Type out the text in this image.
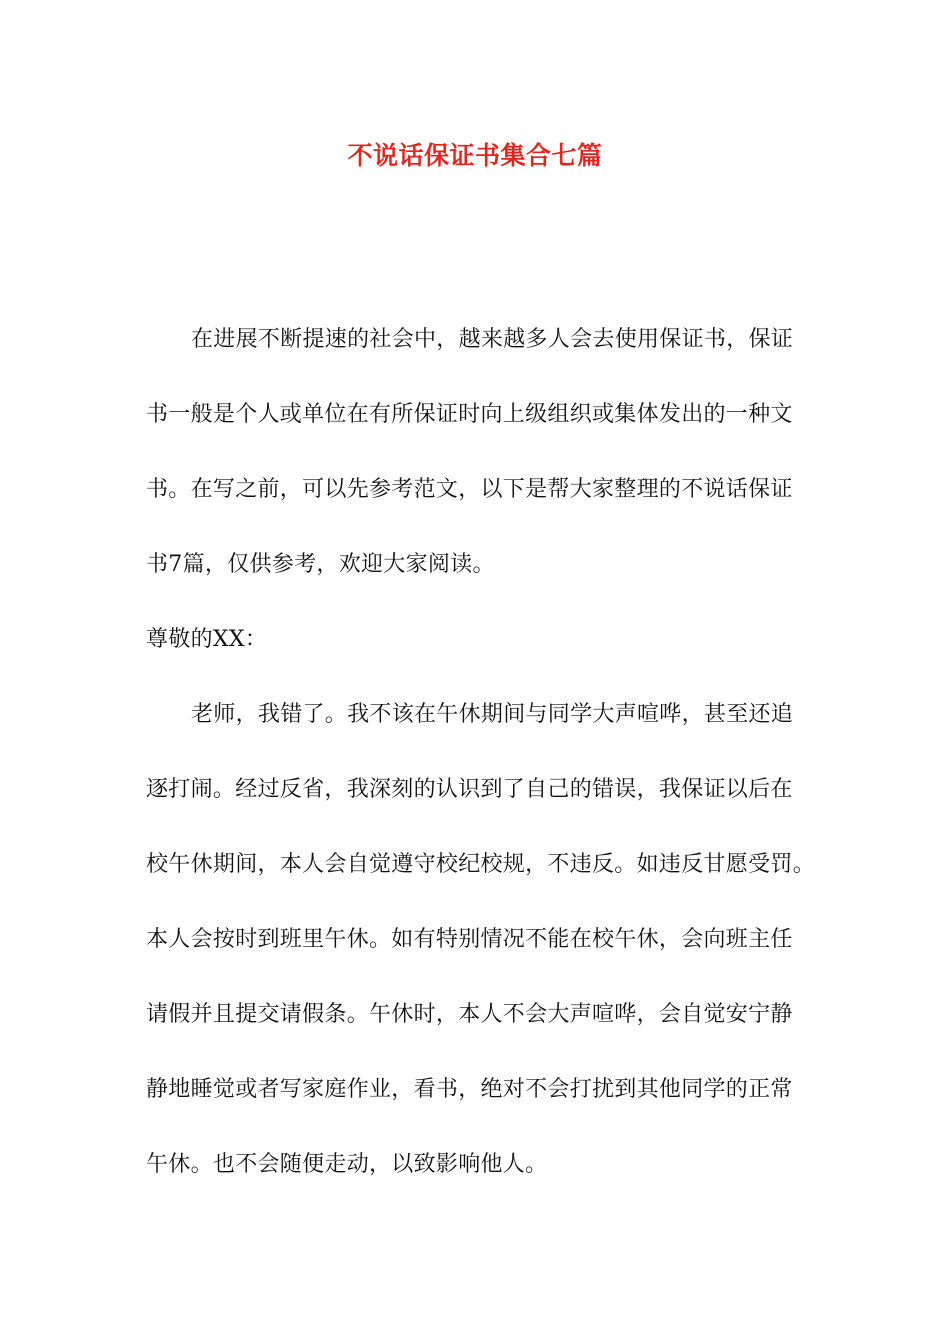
不说话保证书集合七篇
在进展不断提速的社会中，越来越多人会去使用保证书，保证
书一般是个人或单位在有所保证时向上级组织或集体发出的一种文
书。在写之前，可以先参考范文，以下是帮大家整理的不说话保证
书7篇，仅供参考，欢迎大家阅读。
尊敬的XX：
老师，我错了。我不该在午休期间与同学大声喧哗，甚至还追
逐打闹。经过反省，我深刻的认识到了自己的错误，我保证以后在
校午休期间，本人会自觉遵守校纪校规，不违反。如违反甘愿受罚。
本人会按时到班里午休。如有特别情况不能在校午休，会向班主任
请假并且提交请假条。午休时，本人不会大声喧哗，会自觉安宁静
静地睡觉或者写家庭作业，看书，绝对不会打扰到其他同学的正常
午休。也不会随便走动，以致影响他人。
